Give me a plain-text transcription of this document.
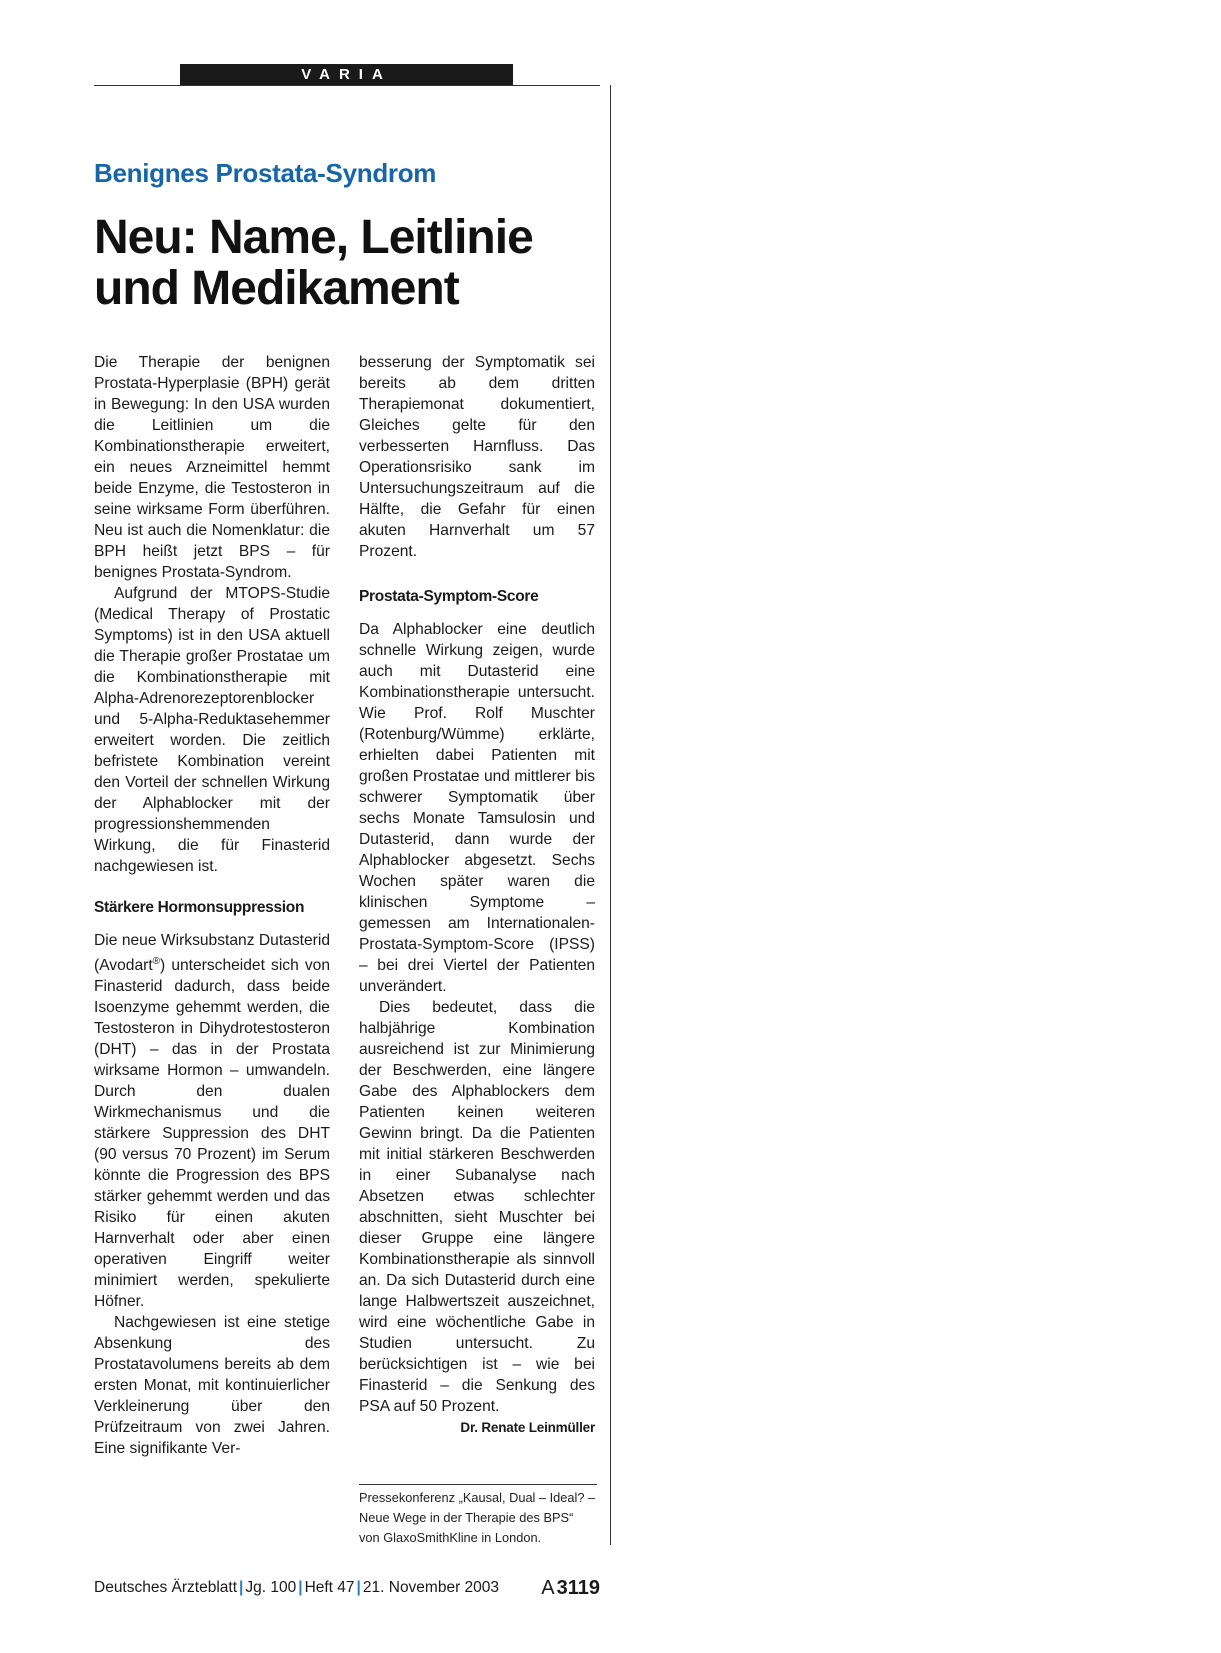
VARIA
Benignes Prostata-Syndrom
Neu: Name, Leitlinie
und Medikament

Die Therapie der benignen Prostata-Hyperplasie (BPH) gerät in Bewegung: In den USA wurden die Leitlinien um die Kombinationstherapie erweitert, ein neues Arzneimittel hemmt beide Enzyme, die Testosteron in seine wirksame Form überführen. Neu ist auch die Nomenklatur: die BPH heißt jetzt BPS – für benignes Prostata-Syndrom.

Aufgrund der MTOPS-Studie (Medical Therapy of Prostatic Symptoms) ist in den USA aktuell die Therapie großer Prostatae um die Kombinationstherapie mit Alpha-Adrenorezeptorenblocker und 5-Alpha-Reduktasehemmer erweitert worden. Die zeitlich befristete Kombination vereint den Vorteil der schnellen Wirkung der Alphablocker mit der progressionshemmenden Wirkung, die für Finasterid nachgewiesen ist.

Stärkere Hormonsuppression

Die neue Wirksubstanz Dutasterid (Avodart®) unterscheidet sich von Finasterid dadurch, dass beide Isoenzyme gehemmt werden, die Testosteron in Dihydrotestosteron (DHT) – das in der Prostata wirksame Hormon – umwandeln. Durch den dualen Wirkmechanismus und die stärkere Suppression des DHT (90 versus 70 Prozent) im Serum könnte die Progression des BPS stärker gehemmt werden und das Risiko für einen akuten Harnverhalt oder aber einen operativen Eingriff weiter minimiert werden, spekulierte Höfner.

Nachgewiesen ist eine stetige Absenkung des Prostatavolumens bereits ab dem ersten Monat, mit kontinuierlicher Verkleinerung über den Prüfzeitraum von zwei Jahren. Eine signifikante Ver-

besserung der Symptomatik sei bereits ab dem dritten Therapiemonat dokumentiert, Gleiches gelte für den verbesserten Harnfluss. Das Operationsrisiko sank im Untersuchungszeitraum auf die Hälfte, die Gefahr für einen akuten Harnverhalt um 57 Prozent.

Prostata-Symptom-Score

Da Alphablocker eine deutlich schnelle Wirkung zeigen, wurde auch mit Dutasterid eine Kombinationstherapie untersucht. Wie Prof. Rolf Muschter (Rotenburg/Wümme) erklärte, erhielten dabei Patienten mit großen Prostatae und mittlerer bis schwerer Symptomatik über sechs Monate Tamsulosin und Dutasterid, dann wurde der Alphablocker abgesetzt. Sechs Wochen später waren die klinischen Symptome – gemessen am Internationalen-Prostata-Symptom-Score (IPSS) – bei drei Viertel der Patienten unverändert.

Dies bedeutet, dass die halbjährige Kombination ausreichend ist zur Minimierung der Beschwerden, eine längere Gabe des Alphablockers dem Patienten keinen weiteren Gewinn bringt. Da die Patienten mit initial stärkeren Beschwerden in einer Subanalyse nach Absetzen etwas schlechter abschnitten, sieht Muschter bei dieser Gruppe eine längere Kombinationstherapie als sinnvoll an. Da sich Dutasterid durch eine lange Halbwertszeit auszeichnet, wird eine wöchentliche Gabe in Studien untersucht. Zu berücksichtigen ist – wie bei Finasterid – die Senkung des PSA auf 50 Prozent.
Dr. Renate Leinmüller

Pressekonferenz „Kausal, Dual – Ideal? – Neue Wege in der Therapie des BPS“ von GlaxoSmithKline in London.
Deutsches Ärzteblatt | Jg. 100 | Heft 47 | 21. November 2003 A 3119
